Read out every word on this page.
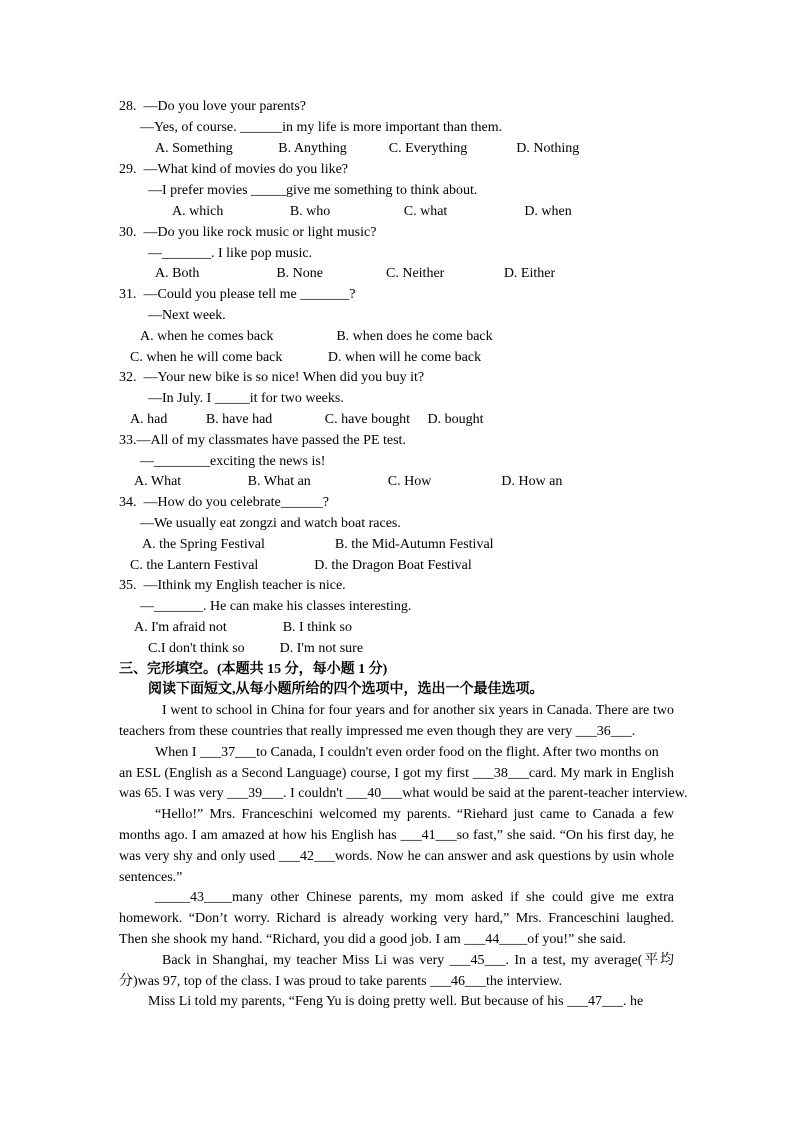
28.  —Do you love your parents?
—Yes, of course. ______in my life is more important than them.
A. Something             B. Anything            C. Everything              D. Nothing
29.  —What kind of movies do you like?
—I prefer movies _____give me something to think about.
A. which                   B. who                     C. what                      D. when
30.  —Do you like rock music or light music?
—_______. I like pop music.
A. Both                      B. None                  C. Neither                 D. Either
31.  —Could you please tell me _______?
—Next week.
A. when he comes back                  B. when does he come back
C. when he will come back             D. when will he come back
32.  —Your new bike is so nice! When did you buy it?
—In July. I _____it for two weeks.
A. had           B. have had               C. have bought     D. bought
33.—All of my classmates have passed the PE test.
—________exciting the news is!
A. What                   B. What an                      C. How                    D. How an
34.  —How do you celebrate______?
—We usually eat zongzi and watch boat races.
A. the Spring Festival                    B. the Mid-Autumn Festival
C. the Lantern Festival                D. the Dragon Boat Festival
35.  —Ithink my English teacher is nice.
—_______. He can make his classes interesting.
A. I'm afraid not                B. I think so
C.I don't think so          D. I'm not sure
三、完形填空。(本题共 15 分，每小题 1 分)
阅读下面短文,从每小题所给的四个选项中，选出一个最佳选项。
I went to school in China for four years and for another six years in Canada. There are two
teachers from these countries that really impressed me even though they are very ___36___.
When I ___37___to Canada, I couldn't even order food on the flight. After two months on
an ESL (English as a Second Language) course, I got my first ___38___card. My mark in English
was 65. I was very ___39___. I couldn't ___40___what would be said at the parent-teacher interview.
“Hello!” Mrs. Franceschini welcomed my parents. “Riehard just came to Canada a few
months ago. I am amazed at how his English has ___41___so fast,” she said. “On his first day, he
was very shy and only used ___42___words. Now he can answer and ask questions by usin whole
sentences.”
_____43____many other Chinese parents, my mom asked if she could give me extra
homework. “Don’t worry. Richard is already working very hard,” Mrs. Franceschini laughed.
Then she shook my hand. “Richard, you did a good job. I am ___44____of you!” she said.
Back in Shanghai, my teacher Miss Li was very ___45___. In a test, my average(平均
分)was 97, top of the class. I was proud to take parents ___46___the interview.
Miss Li told my parents, “Feng Yu is doing pretty well. But because of his ___47___. he
